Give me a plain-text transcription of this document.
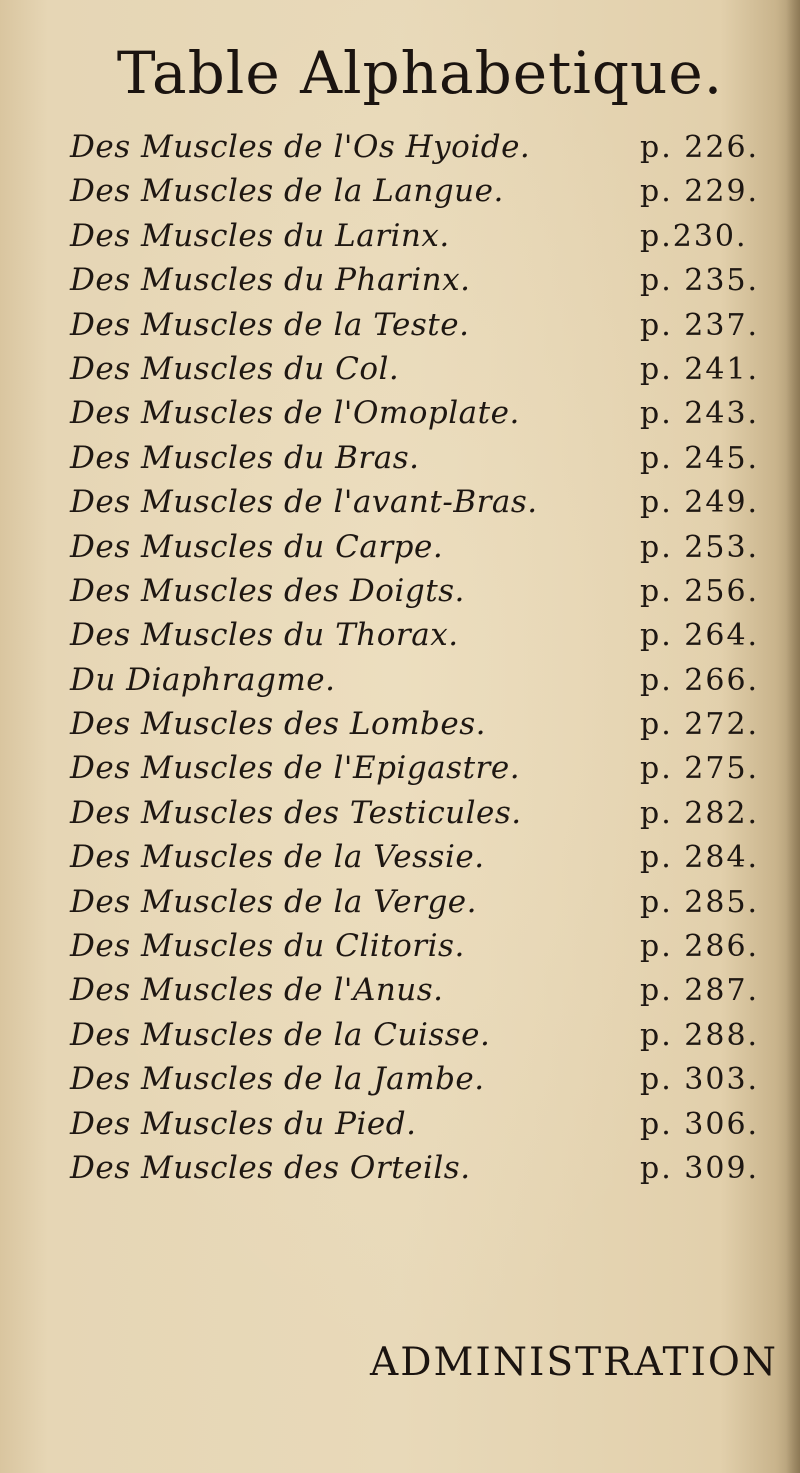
Table Alphabetique.
Des Muscles de l'Os Hyoide.	p. 226.
Des Muscles de la Langue.	p. 229.
Des Muscles du Larinx.	p.230.
Des Muscles du Pharinx.	p. 235.
Des Muscles de la Teste.	p. 237.
Des Muscles du Col.	p. 241.
Des Muscles de l'Omoplate.	p. 243.
Des Muscles du Bras.	p. 245.
Des Muscles de l'avant-Bras.	p. 249.
Des Muscles du Carpe.	p. 253.
Des Muscles des Doigts.	p. 256.
Des Muscles du Thorax.	p. 264.
Du Diaphragme.	p. 266.
Des Muscles des Lombes.	p. 272.
Des Muscles de l'Epigastre.	p. 275.
Des Muscles des Testicules.	p. 282.
Des Muscles de la Vessie.	p. 284.
Des Muscles de la Verge.	p. 285.
Des Muscles du Clitoris.	p. 286.
Des Muscles de l'Anus.	p. 287.
Des Muscles de la Cuisse.	p. 288.
Des Muscles de la Jambe.	p. 303.
Des Muscles du Pied.	p. 306.
Des Muscles des Orteils.	p. 309.
ADMINISTRATION
